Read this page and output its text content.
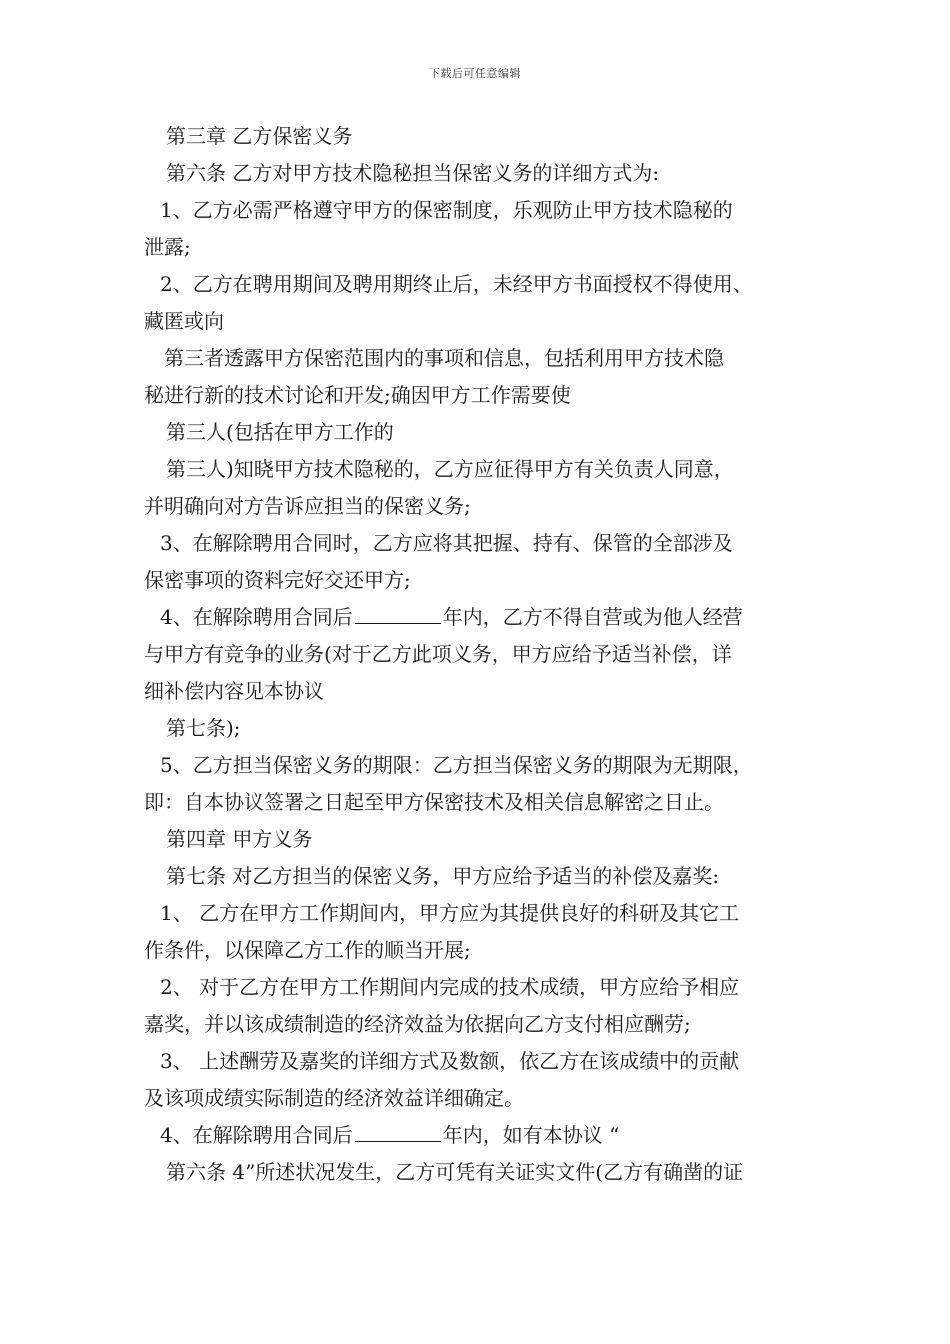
下载后可任意编辑
第三章 乙方保密义务
第六条 乙方对甲方技术隐秘担当保密义务的详细方式为:
1、乙方必需严格遵守甲方的保密制度，乐观防止甲方技术隐秘的
泄露;
2、乙方在聘用期间及聘用期终止后，未经甲方书面授权不得使用、
藏匿或向
第三者透露甲方保密范围内的事项和信息，包括利用甲方技术隐
秘进行新的技术讨论和开发;确因甲方工作需要使
第三人(包括在甲方工作的
第三人)知晓甲方技术隐秘的，乙方应征得甲方有关负责人同意，
并明确向对方告诉应担当的保密义务;
3、在解除聘用合同时，乙方应将其把握、持有、保管的全部涉及
保密事项的资料完好交还甲方;
4、在解除聘用合同后	年内，乙方不得自营或为他人经营
与甲方有竞争的业务(对于乙方此项义务，甲方应给予适当补偿，详
细补偿内容见本协议
第七条);
5、乙方担当保密义务的期限：乙方担当保密义务的期限为无期限，
即：自本协议签署之日起至甲方保密技术及相关信息解密之日止。
第四章 甲方义务
第七条 对乙方担当的保密义务，甲方应给予适当的补偿及嘉奖:
1、 乙方在甲方工作期间内，甲方应为其提供良好的科研及其它工
作条件，以保障乙方工作的顺当开展;
2、 对于乙方在甲方工作期间内完成的技术成绩，甲方应给予相应
嘉奖，并以该成绩制造的经济效益为依据向乙方支付相应酬劳;
3、 上述酬劳及嘉奖的详细方式及数额，依乙方在该成绩中的贡献
及该项成绩实际制造的经济效益详细确定。
4、在解除聘用合同后	年内，如有本协议 “
第六条 4”所述状况发生，乙方可凭有关证实文件(乙方有确凿的证
